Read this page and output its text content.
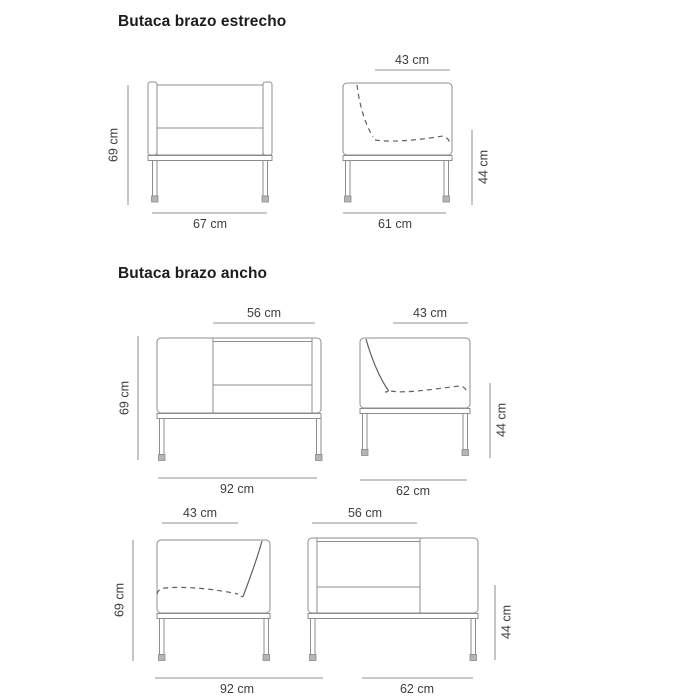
Butaca brazo estrecho
Butaca brazo ancho
69 cm
67 cm
43 cm
44 cm
61 cm
56 cm
69 cm
92 cm
43 cm
44 cm
62 cm
43 cm
69 cm
92 cm
56 cm
44 cm
62 cm
